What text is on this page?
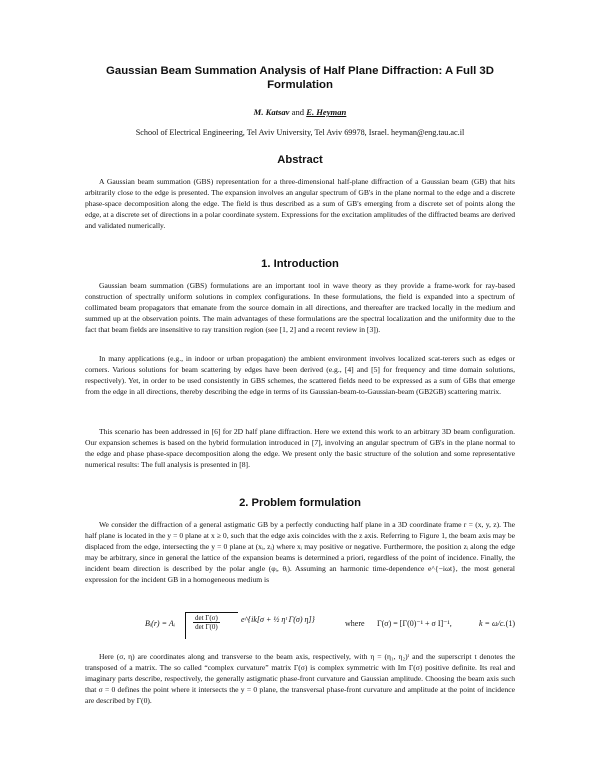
Gaussian Beam Summation Analysis of Half Plane Diffraction: A Full 3D Formulation
M. Katsav and E. Heyman
School of Electrical Engineering, Tel Aviv University, Tel Aviv 69978, Israel. heyman@eng.tau.ac.il
Abstract

A Gaussian beam summation (GBS) representation for a three-dimensional half-plane diffraction of a Gaussian beam (GB) that hits arbitrarily close to the edge is presented. The expansion involves an angular spectrum of GB's in the plane normal to the edge and a discrete phase-space decomposition along the edge. The field is thus described as a sum of GB's emerging from a discrete set of points along the edge, at a discrete set of directions in a polar coordinate system. Expressions for the excitation amplitudes of the diffracted beams are derived and validated numerically.

1. Introduction

Gaussian beam summation (GBS) formulations are an important tool in wave theory as they provide a frame-work for ray-based construction of spectrally uniform solutions in complex configurations. In these formulations, the field is expanded into a spectrum of collimated beam propagators that emanate from the source domain in all directions, and thereafter are tracked locally in the medium and summed up at the observation points. The main advantages of these formulations are the spectral localization and the uniformity due to the fact that beam fields are insensitive to ray transition region (see [1, 2] and a recent review in [3]).

In many applications (e.g., in indoor or urban propagation) the ambient environment involves localized scat-terers such as edges or corners. Various solutions for beam scattering by edges have been derived (e.g., [4] and [5] for frequency and time domain solutions, respectively). Yet, in order to be used consistently in GBS schemes, the scattered fields need to be expressed as a sum of GBs that emerge from the edge in all directions, thereby describing the edge in terms of its Gaussian-beam-to-Gaussian-beam (GB2GB) scattering matrix.

This scenario has been addressed in [6] for 2D half plane diffraction. Here we extend this work to an arbitrary 3D beam configuration. Our expansion schemes is based on the hybrid formulation introduced in [7], involving an angular spectrum of GB's in the plane normal to the edge and phase phase-space decomposition along the edge. We present only the basic structure of the solution and some representative numerical results: The full analysis is presented in [8].

2. Problem formulation

We consider the diffraction of a general astigmatic GB by a perfectly conducting half plane in a 3D coordinate frame r = (x, y, z). The half plane is located in the y = 0 plane at x ≥ 0, such that the edge axis coincides with the z axis. Referring to Figure 1, the beam axis may be displaced from the edge, intersecting the y = 0 plane at (xᵢ, zᵢ) where xᵢ may positive or negative. Furthermore, the position zᵢ along the edge may be arbitrary, since in general the lattice of the expansion beams is determined a priori, regardless of the point of incidence. Finally, the incident beam direction is described by the polar angle (φᵢ, θᵢ). Assuming an harmonic time-dependence e^{−iωt}, the most general expression for the incident GB in a homogeneous medium is

Bᵢ(r) = Aᵢ
det Γ(σ)
det Γ(0)
e^{ik[σ + ½ ηᵗ Γ(σ) η]}	where Γ(σ) = [Γ(0)⁻¹ + σ I]⁻¹,	k = ω/c. (1)

Here (σ, η) are coordinates along and transverse to the beam axis, respectively, with η = (η₁, η₂)ᵗ and the superscript t denotes the transposed of a matrix. The so called “complex curvature” matrix Γ(σ) is complex symmetric with Im Γ(σ) positive definite. Its real and imaginary parts describe, respectively, the generally astigmatic phase-front curvature and Gaussian amplitude. Choosing the beam axis such that σ = 0 defines the point where it intersects the y = 0 plane, the transversal phase-front curvature and amplitude at the point of incidence are described by Γ(0).
